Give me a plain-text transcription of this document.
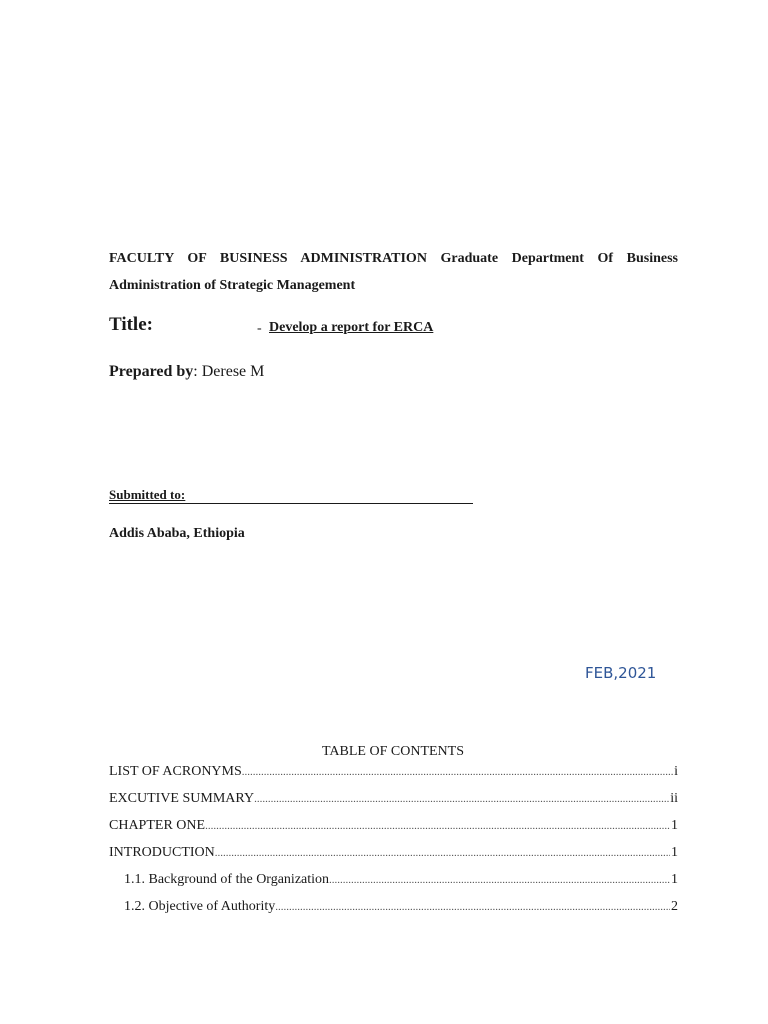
FACULTY OF BUSINESS ADMINISTRATION Graduate Department Of Business Administration of Strategic Management
Title:	- Develop a report for ERCA
Prepared by: Derese M
Submitted to:
Addis Ababa, Ethiopia
FEB,2021
TABLE OF CONTENTS
LIST OF ACRONYMS .....	i
EXCUTIVE SUMMARY .....	ii
CHAPTER ONE .....	1
INTRODUCTION .....	1
1.1. Background of the Organization .....	1
1.2. Objective of Authority .....	2
